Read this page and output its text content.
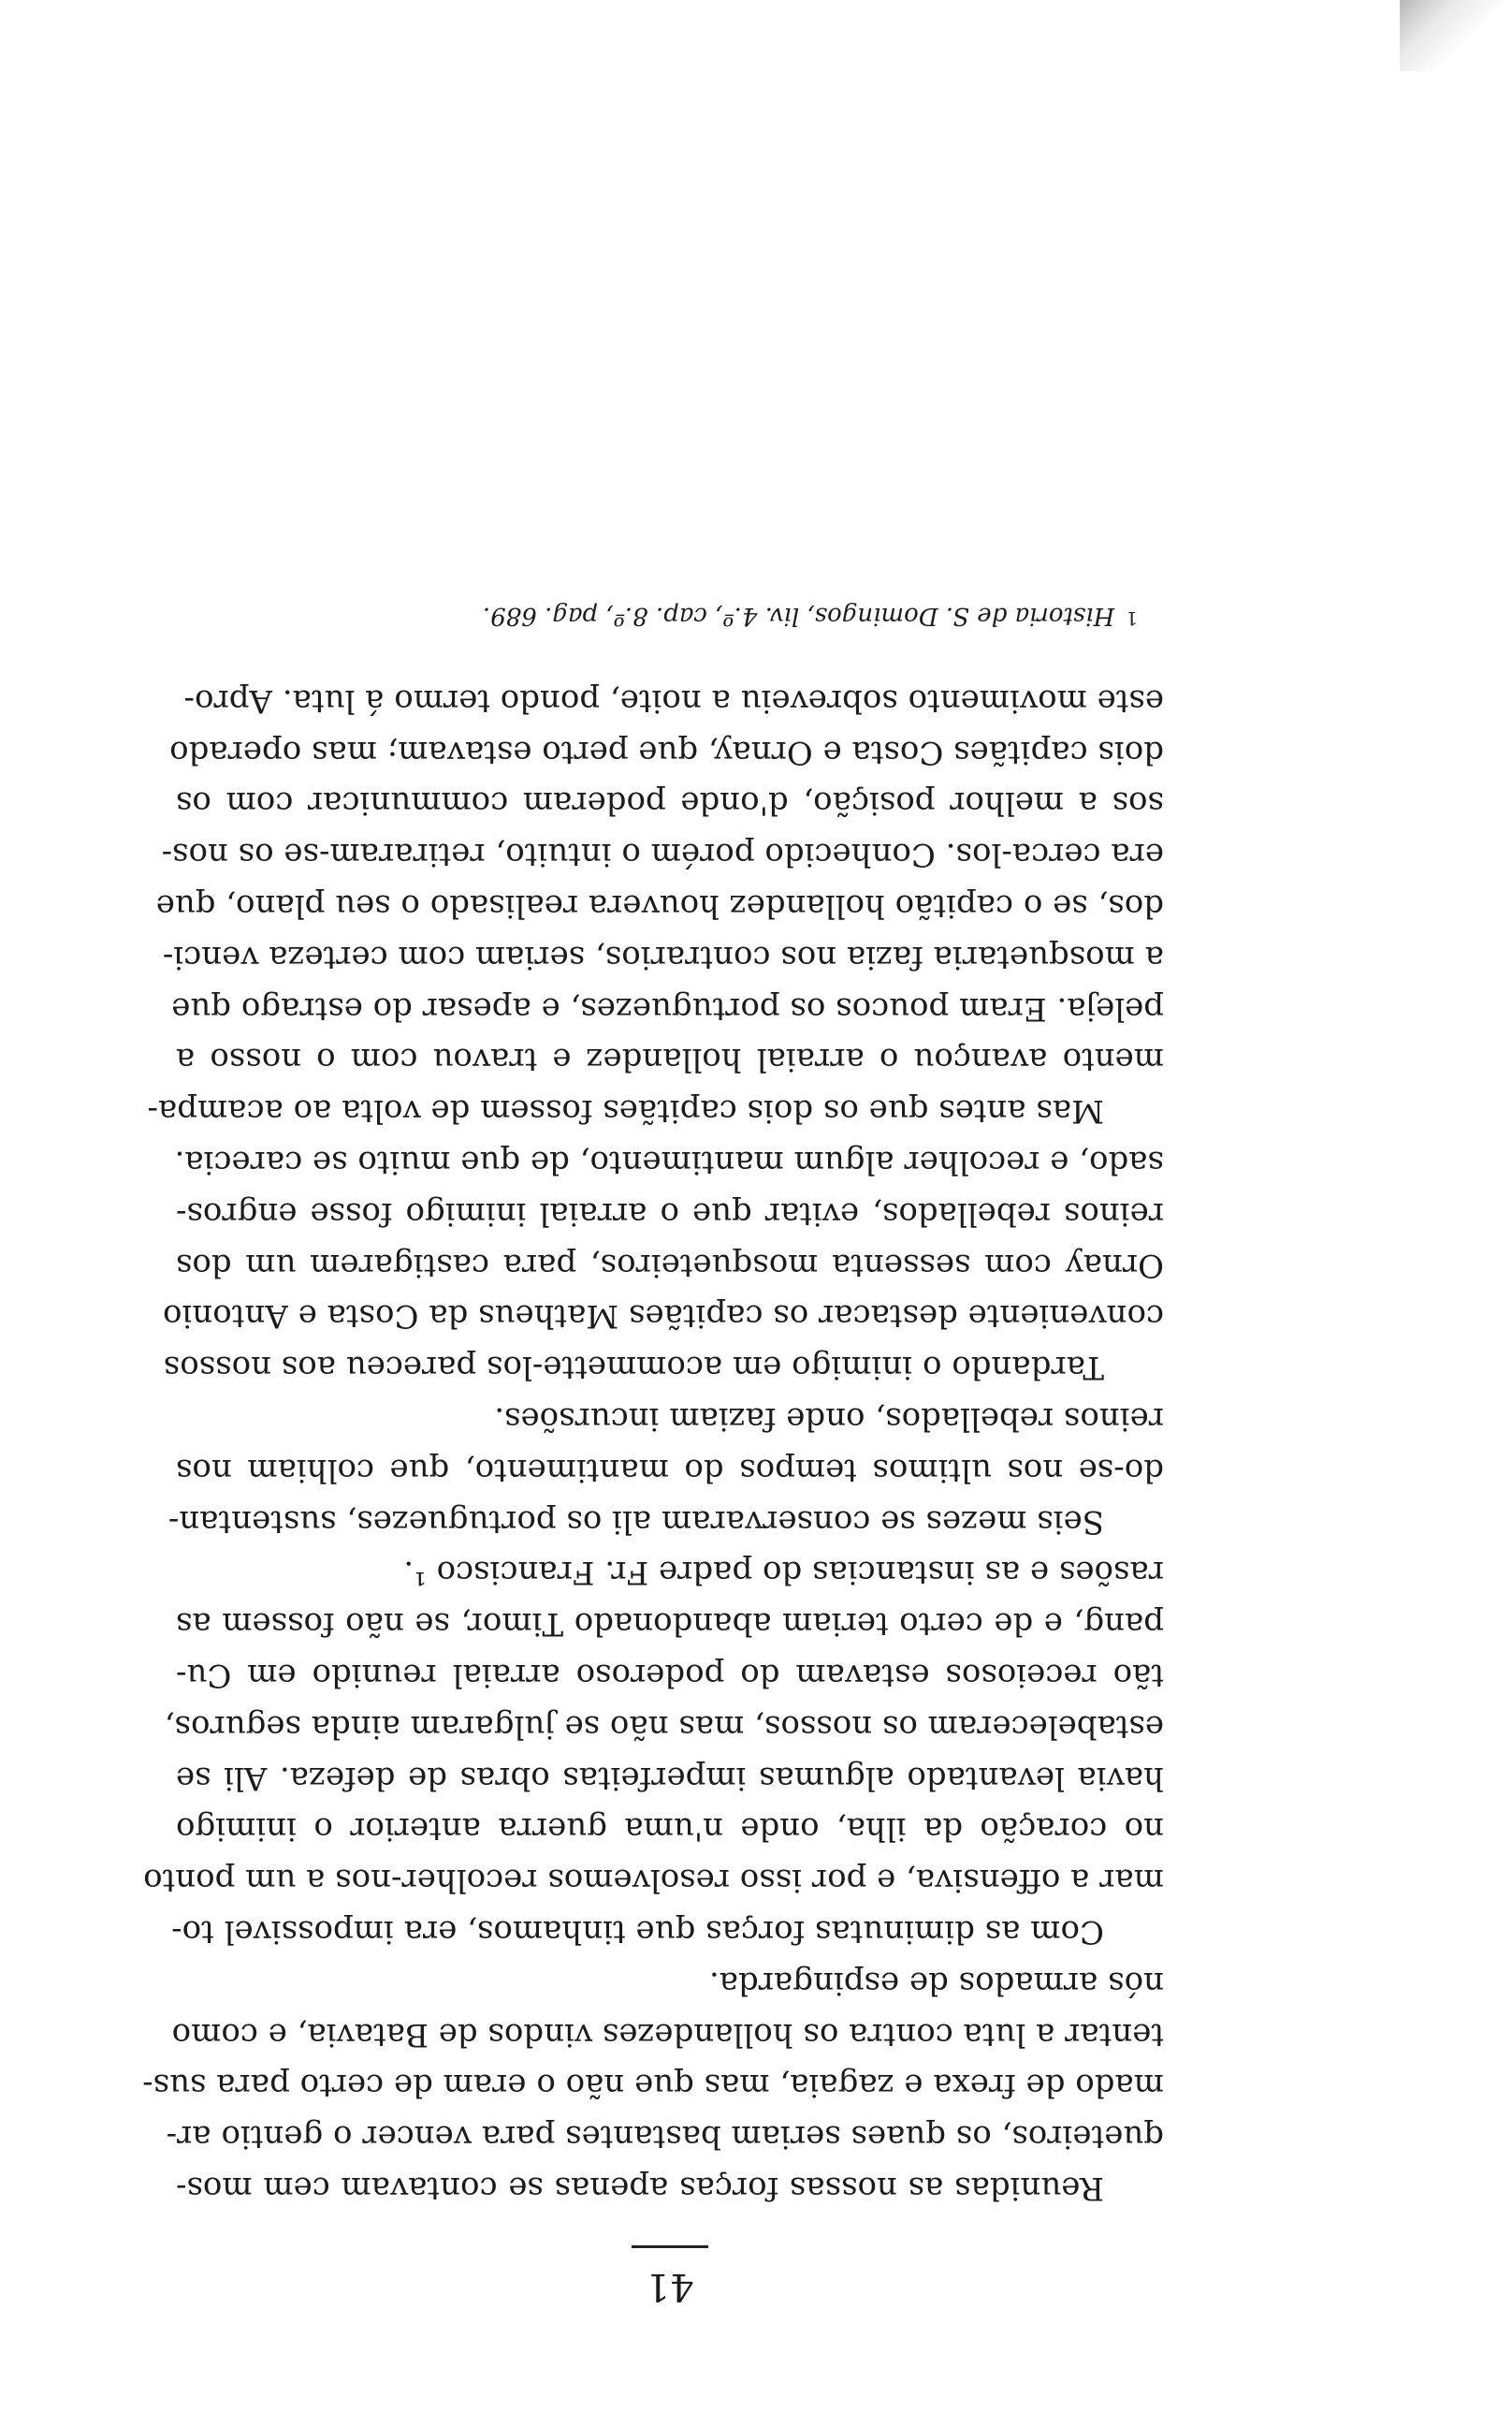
41
Reunidas as nossas forças apenas se contavam cem mos-
queteiros, os quaes seriam bastantes para vencer o gentio ar-
mado de frexa e zagaia, mas que não o eram de certo para sus-
tentar a luta contra os hollandezes vindos de Batavia, e como
nós armados de espingarda.
Com as diminutas forças que tinhamos, era impossivel to-
mar a offensiva, e por isso resolvemos recolher-nos a um ponto
no coração da ilha, onde n'uma guerra anterior o inimigo
havia levantado algumas imperfeitas obras de defeza. Ali se
estabeleceram os nossos, mas não se julgaram ainda seguros,
tão receiosos estavam do poderoso arraial reunido em Cu-
pang, e de certo teriam abandonado Timor, se não fossem as
rasões e as instancias do padre Fr. Francisco ¹.
Seis mezes se conservaram ali os portuguezes, sustentan-
do-se nos ultimos tempos do mantimento, que colhiam nos
reinos rebellados, onde faziam incursões.
Tardando o inimigo em acommette-los pareceu aos nossos
conveniente destacar os capitães Matheus da Costa e Antonio
Ornay com sessenta mosqueteiros, para castigarem um dos
reinos rebellados, evitar que o arraial inimigo fosse engros-
sado, e recolher algum mantimento, de que muito se carecia.
Mas antes que os dois capitães fossem de volta ao acampa-
mento avançou o arraial hollandez e travou com o nosso a
peleja. Eram poucos os portuguezes, e apesar do estrago que
a mosquetaria fazia nos contrarios, seriam com certeza venci-
dos, se o capitão hollandez houvera realisado o seu plano, que
era cerca-los. Conhecido porém o intuito, retiraram-se os nos-
sos a melhor posição, d'onde poderam communicar com os
dois capitães Costa e Ornay, que perto estavam; mas operado
este movimento sobreveiu a noite, pondo termo á luta. Apro-
1Historia de S. Domingos, liv. 4.º, cap. 8.º, pag. 689.
